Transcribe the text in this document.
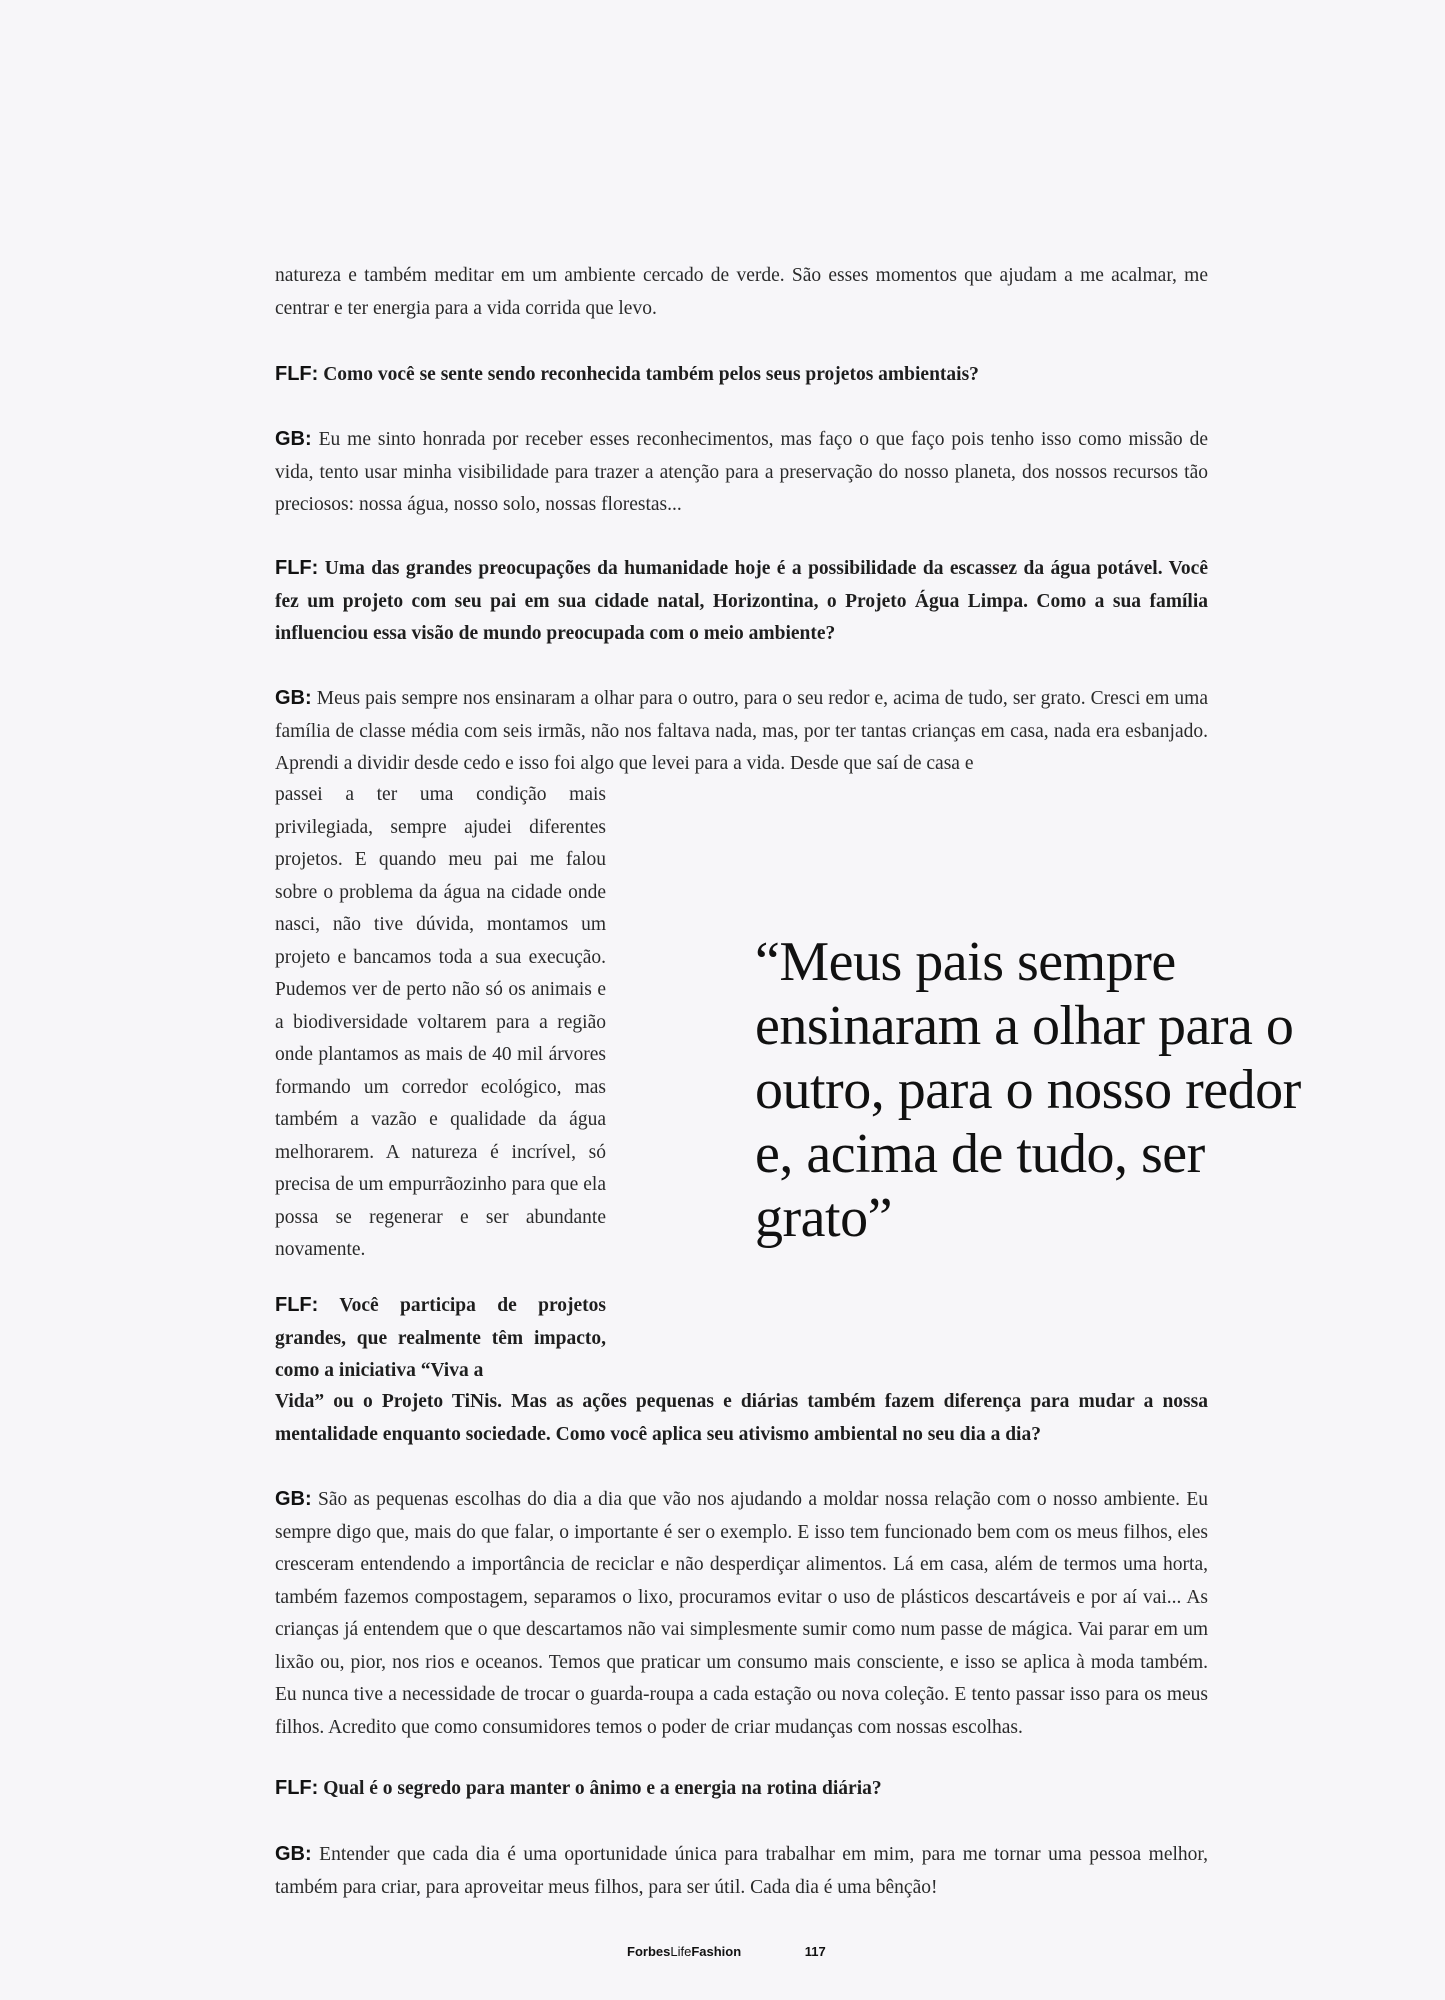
natureza e também meditar em um ambiente cercado de verde. São esses momentos que ajudam a me acalmar, me centrar e ter energia para a vida corrida que levo.

FLF: Como você se sente sendo reconhecida também pelos seus projetos ambientais?

GB: Eu me sinto honrada por receber esses reconhecimentos, mas faço o que faço pois tenho isso como missão de vida, tento usar minha visibilidade para trazer a atenção para a preservação do nosso planeta, dos nossos recursos tão preciosos: nossa água, nosso solo, nossas florestas...

FLF: Uma das grandes preocupações da humanidade hoje é a possibilidade da escassez da água potável. Você fez um projeto com seu pai em sua cidade natal, Horizontina, o Projeto Água Limpa. Como a sua família influenciou essa visão de mundo preocupada com o meio ambiente?

GB: Meus pais sempre nos ensinaram a olhar para o outro, para o seu redor e, acima de tudo, ser grato. Cresci em uma família de classe média com seis irmãs, não nos faltava nada, mas, por ter tantas crianças em casa, nada era esbanjado. Aprendi a dividir desde cedo e isso foi algo que levei para a vida. Desde que saí de casa e

passei a ter uma condição mais privilegiada, sempre ajudei diferentes projetos. E quando meu pai me falou sobre o problema da água na cidade onde nasci, não tive dúvida, montamos um projeto e bancamos toda a sua execução. Pudemos ver de perto não só os animais e a biodiversidade voltarem para a região onde plantamos as mais de 40 mil árvores formando um corredor ecológico, mas também a vazão e qualidade da água melhorarem. A natureza é incrível, só precisa de um empurrãozinho para que ela possa se regenerar e ser abundante novamente.

“Meus pais sempre ensinaram a olhar para o outro, para o nosso redor e, acima de tudo, ser grato”

FLF: Você participa de projetos grandes, que realmente têm impacto, como a iniciativa “Viva a

Vida” ou o Projeto TiNis. Mas as ações pequenas e diárias também fazem diferença para mudar a nossa mentalidade enquanto sociedade. Como você aplica seu ativismo ambiental no seu dia a dia?

GB: São as pequenas escolhas do dia a dia que vão nos ajudando a moldar nossa relação com o nosso ambiente. Eu sempre digo que, mais do que falar, o importante é ser o exemplo. E isso tem funcionado bem com os meus filhos, eles cresceram entendendo a importância de reciclar e não desperdiçar alimentos. Lá em casa, além de termos uma horta, também fazemos compostagem, separamos o lixo, procuramos evitar o uso de plásticos descartáveis e por aí vai... As crianças já entendem que o que descartamos não vai simplesmente sumir como num passe de mágica. Vai parar em um lixão ou, pior, nos rios e oceanos. Temos que praticar um consumo mais consciente, e isso se aplica à moda também. Eu nunca tive a necessidade de trocar o guarda-roupa a cada estação ou nova coleção. E tento passar isso para os meus filhos. Acredito que como consumidores temos o poder de criar mudanças com nossas escolhas.

FLF: Qual é o segredo para manter o ânimo e a energia na rotina diária?

GB: Entender que cada dia é uma oportunidade única para trabalhar em mim, para me tornar uma pessoa melhor, também para criar, para aproveitar meus filhos, para ser útil. Cada dia é uma bênção!

ForbesLifeFashion	117
